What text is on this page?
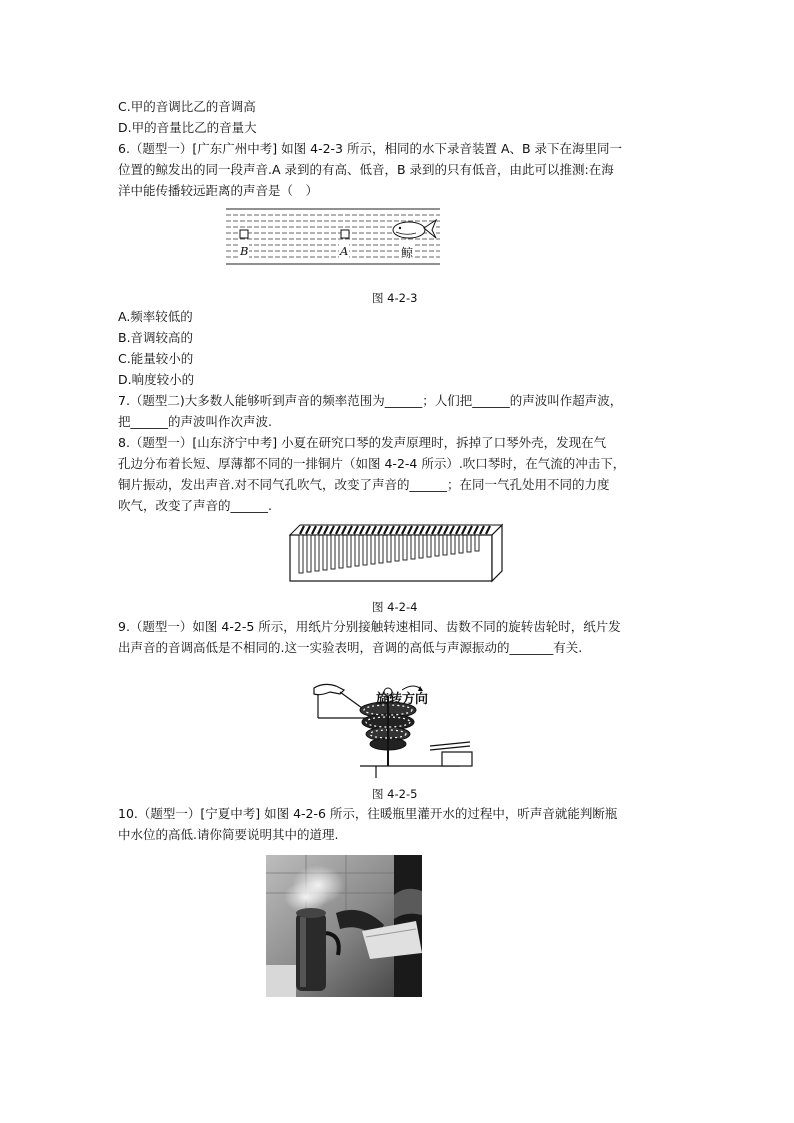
C.甲的音调比乙的音调高
D.甲的音量比乙的音量大
6.（题型一）[广东广州中考] 如图 4-2-3 所示，相同的水下录音装置 A、B 录下在海里同一
位置的鲸发出的同一段声音.A 录到的有高、低音，B 录到的只有低音，由此可以推测:在海
洋中能传播较远距离的声音是（　）
B	A	鲸
图 4-2-3
A.频率较低的
B.音调较高的
C.能量较小的
D.响度较小的
7.（题型二)大多数人能够听到声音的频率范围为______；人们把______的声波叫作超声波，
把______的声波叫作次声波.
8.（题型一）[山东济宁中考] 小夏在研究口琴的发声原理时，拆掉了口琴外壳，发现在气
孔边分布着长短、厚薄都不同的一排铜片（如图 4-2-4 所示）.吹口琴时，在气流的冲击下，
铜片振动，发出声音.对不同气孔吹气，改变了声音的______；在同一气孔处用不同的力度
吹气，改变了声音的______.
图 4-2-4
9.（题型一）如图 4-2-5 所示，用纸片分别接触转速相同、齿数不同的旋转齿轮时，纸片发
出声音的音调高低是不相同的.这一实验表明，音调的高低与声源振动的_______有关.
旋转方向
图 4-2-5
10.（题型一）[宁夏中考] 如图 4-2-6 所示，往暖瓶里灌开水的过程中，听声音就能判断瓶
中水位的高低.请你简要说明其中的道理.
